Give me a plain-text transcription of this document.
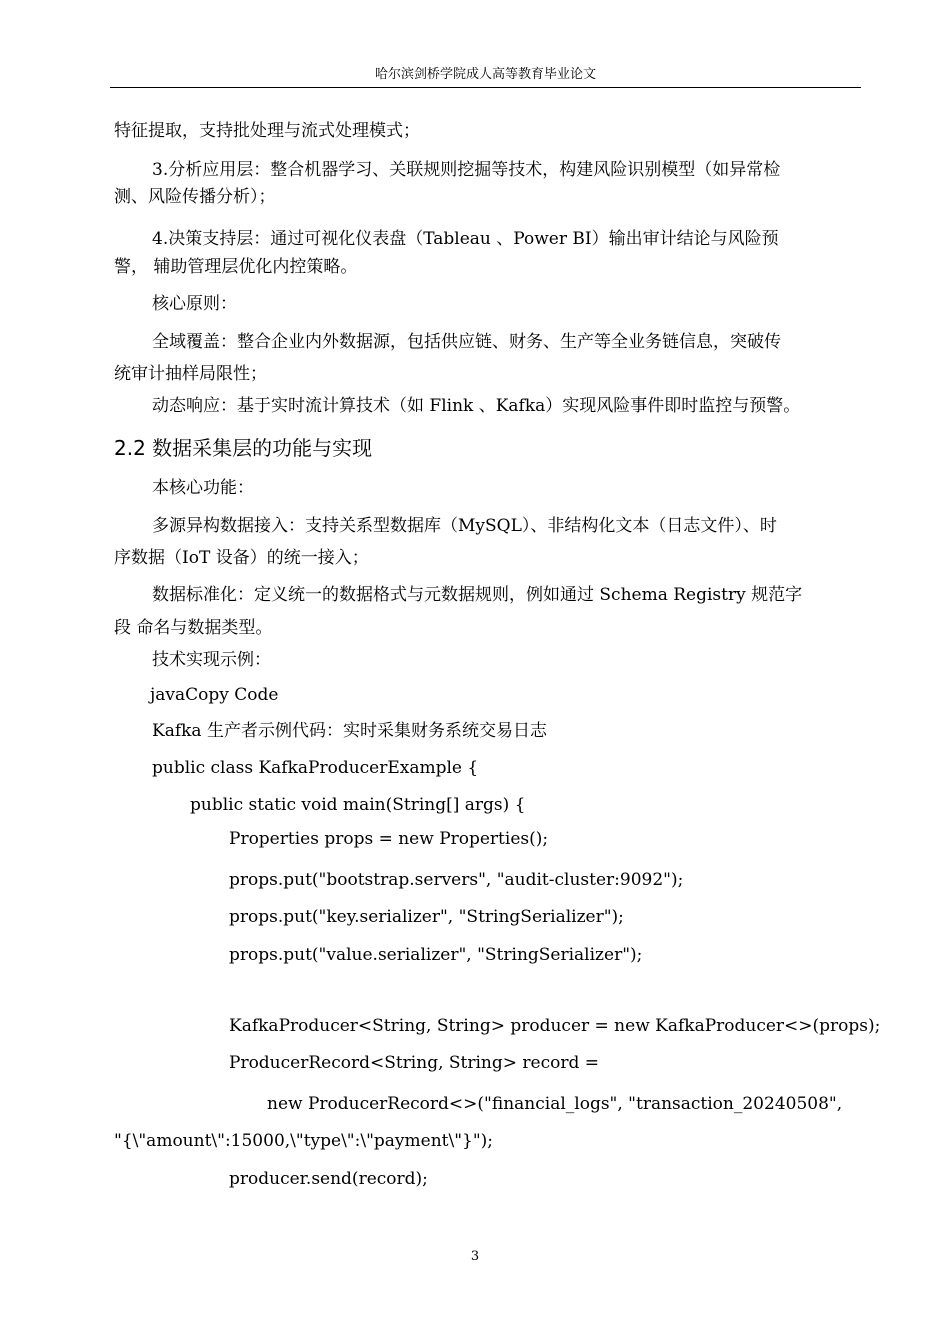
哈尔滨剑桥学院成人高等教育毕业论文
特征提取，支持批处理与流式处理模式；
3.分析应用层：整合机器学习、关联规则挖掘等技术，构建风险识别模型（如异常检
测、风险传播分析）；
4.决策支持层：通过可视化仪表盘（Tableau 、Power BI）输出审计结论与风险预
警， 辅助管理层优化内控策略。
核心原则：
全域覆盖：整合企业内外数据源，包括供应链、财务、生产等全业务链信息，突破传
统审计抽样局限性；
动态响应：基于实时流计算技术（如 Flink 、Kafka）实现风险事件即时监控与预警。
2.2 数据采集层的功能与实现
本核心功能：
多源异构数据接入：支持关系型数据库（MySQL）、非结构化文本（日志文件）、时
序数据（IoT 设备）的统一接入；
数据标准化：定义统一的数据格式与元数据规则，例如通过 Schema Registry 规范字
段 命名与数据类型。
技术实现示例：
javaCopy Code
Kafka 生产者示例代码：实时采集财务系统交易日志
public class KafkaProducerExample {
public static void main(String[] args) {
Properties props = new Properties();
props.put("bootstrap.servers", "audit-cluster:9092");
props.put("key.serializer", "StringSerializer");
props.put("value.serializer", "StringSerializer");
KafkaProducer<String, String> producer = new KafkaProducer<>(props);
ProducerRecord<String, String> record =
new ProducerRecord<>("financial_logs", "transaction_20240508",
"{\"amount\":15000,\"type\":\"payment\"}");
producer.send(record);
3
